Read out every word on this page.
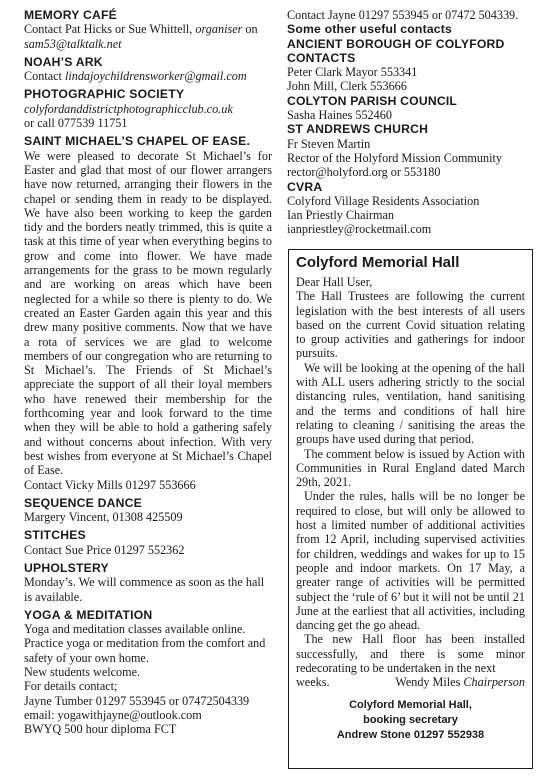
MEMORY CAFÉ

Contact Pat Hicks or Sue Whittell, organiser on

sam53@talktalk.net

NOAH’S ARK

Contact lindajoychildrensworker@gmail.com

PHOTOGRAPHIC SOCIETY

colyfordanddistrictphotographicclub.co.uk

or call 077539 11751

SAINT MICHAEL’S CHAPEL OF EASE.

We were pleased to decorate St Michael’s for Easter and glad that most of our flower arrangers have now returned, arranging their flowers in the chapel or sending them in ready to be displayed. We have also been working to keep the garden tidy and the borders neatly trimmed, this is quite a task at this time of year when everything begins to grow and come into flower. We have made arrangements for the grass to be mown regularly and are working on areas which have been neglected for a while so there is plenty to do. We created an Easter Garden again this year and this drew many positive comments. Now that we have a rota of services we are glad to welcome members of our congregation who are returning to St Michael’s. The Friends of St Michael’s appreciate the support of all their loyal members who have renewed their membership for the forthcoming year and look forward to the time when they will be able to hold a gathering safely and without concerns about infection. With very best wishes from everyone at St Michael’s Chapel of Ease.

Contact Vicky Mills 01297 553666

SEQUENCE DANCE

Margery Vincent, 01308 425509

STITCHES

Contact Sue Price 01297 552362

UPHOLSTERY

Monday’s. We will commence as soon as the hall is available.

YOGA & MEDITATION

Yoga and meditation classes available online.

Practice yoga or meditation from the comfort and safety of your own home.

New students welcome.

For details contact;

Jayne Tumber 01297 553945 or 07472504339

email: yogawithjayne@outlook.com

BWYQ 500 hour diploma FCT

Contact Jayne 01297 553945 or 07472 504339.

Some other useful contacts

ANCIENT BOROUGH OF COLYFORD

CONTACTS

Peter Clark Mayor 553341

John Mill, Clerk 553666

COLYTON PARISH COUNCIL

Sasha Haines 552460

ST ANDREWS CHURCH

Fr Steven Martin

Rector of the Holyford Mission Community

rector@holyford.org or 553180

CVRA

Colyford Village Residents Association

Ian Priestly Chairman

ianpriestley@rocketmail.com

Colyford Memorial Hall

Dear Hall User,

The Hall Trustees are following the current legislation with the best interests of all users based on the current Covid situation relating to group activities and gatherings for indoor pursuits.

We will be looking at the opening of the hall with ALL users adhering strictly to the social distancing rules, ventilation, hand sanitising and the terms and conditions of hall hire relating to cleaning / sanitising the areas the groups have used during that period.

The comment below is issued by Action with Communities in Rural England dated March 29th, 2021.

Under the rules, halls will be no longer be required to close, but will only be allowed to host a limited number of additional activities from 12 April, including supervised activities for children, weddings and wakes for up to 15 people and indoor markets. On 17 May, a greater range of activities will be permitted subject the ‘rule of 6’ but it will not be until 21 June at the earliest that all activities, including dancing get the go ahead.

The new Hall floor has been installed successfully, and there is some minor redecorating to be undertaken in the next

weeks.	Wendy Miles Chairperson

Colyford Memorial Hall,
booking secretary
Andrew Stone 01297 552938
